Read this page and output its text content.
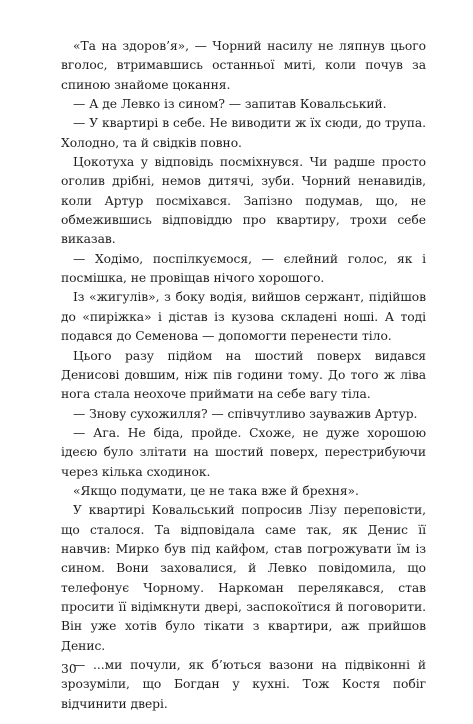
«Та на здоров’я», — Чорний насилу не ляпнув цього вголос, втримавшись останньої миті, коли почув за спиною знайоме цокання.

— А де Левко із сином? — запитав Ковальський.

— У квартирі в себе. Не виводити ж їх сюди, до трупа. Холодно, та й свідків повно.

Цокотуха у відповідь посміхнувся. Чи радше просто оголив дрібні, немов дитячі, зуби. Чорний ненавидів, коли Артур посміхався. Запізно подумав, що, не обмежившись відповіддю про квартиру, трохи себе виказав.

— Ходімо, поспілкуємося, — єлейний голос, як і посмішка, не провіщав нічого хорошого.

Із «жигулів», з боку водія, вийшов сержант, підійшов до «пиріжка» і дістав із кузова складені ноші. А тоді подався до Семенова — допомогти перенести тіло.

Цього разу підйом на шостий поверх видався Денисові довшим, ніж пів години тому. До того ж ліва нога стала неохоче приймати на себе вагу тіла.

— Знову сухожилля? — співчутливо зауважив Артур.

— Ага. Не біда, пройде. Схоже, не дуже хорошою ідеєю було злітати на шостий поверх, перестрибуючи через кілька сходинок.

«Якщо подумати, це не така вже й брехня».

У квартирі Ковальський попросив Лізу переповісти, що сталося. Та відповідала саме так, як Денис її навчив: Мирко був під кайфом, став погрожувати їм із сином. Вони заховалися, й Левко повідомила, що телефонує Чорному. Наркоман перелякався, став просити її відімкнути двері, заспокоїтися й поговорити. Він уже хотів було тікати з квартири, аж прийшов Денис.

— ...ми почули, як б’ються вазони на підвіконні й зрозуміли, що Богдан у кухні. Тож Костя побіг відчинити двері.

30
